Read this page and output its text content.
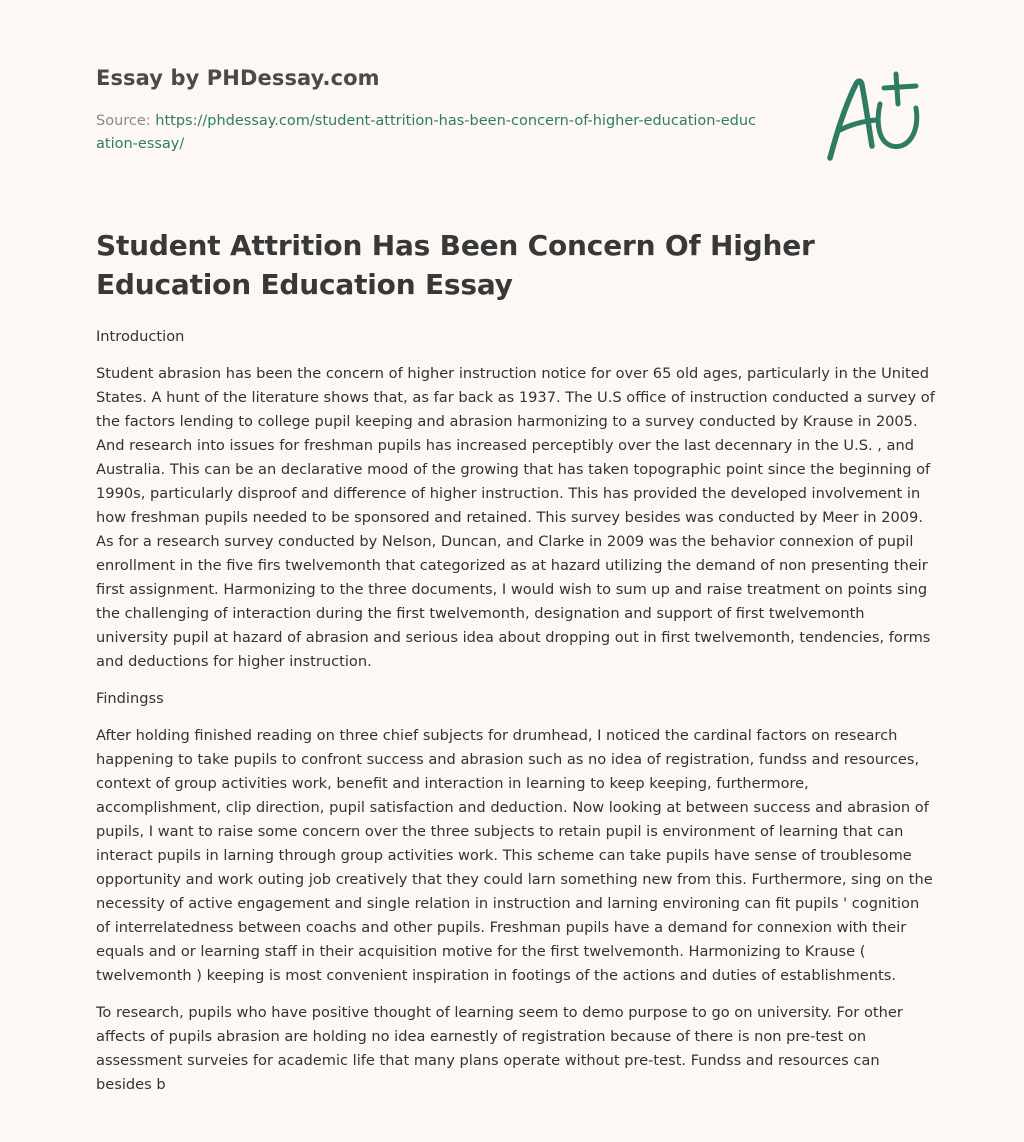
Essay by PHDessay.com
Source: https://phdessay.com/student-attrition-has-been-concern-of-higher-education-education-essay/
Student Attrition Has Been Concern Of Higher Education Education Essay

Introduction

Student abrasion has been the concern of higher instruction notice for over 65 old ages, particularly in the United States. A hunt of the literature shows that, as far back as 1937. The U.S office of instruction conducted a survey of the factors lending to college pupil keeping and abrasion harmonizing to a survey conducted by Krause in 2005. And research into issues for freshman pupils has increased perceptibly over the last decennary in the U.S. , and Australia. This can be an declarative mood of the growing that has taken topographic point since the beginning of 1990s, particularly disproof and difference of higher instruction. This has provided the developed involvement in how freshman pupils needed to be sponsored and retained. This survey besides was conducted by Meer in 2009. As for a research survey conducted by Nelson, Duncan, and Clarke in 2009 was the behavior connexion of pupil enrollment in the five firs twelvemonth that categorized as at hazard utilizing the demand of non presenting their first assignment. Harmonizing to the three documents, I would wish to sum up and raise treatment on points sing the challenging of interaction during the first twelvemonth, designation and support of first twelvemonth university pupil at hazard of abrasion and serious idea about dropping out in first twelvemonth, tendencies, forms and deductions for higher instruction.

Findingss

After holding finished reading on three chief subjects for drumhead, I noticed the cardinal factors on research happening to take pupils to confront success and abrasion such as no idea of registration, fundss and resources, context of group activities work, benefit and interaction in learning to keep keeping, furthermore, accomplishment, clip direction, pupil satisfaction and deduction. Now looking at between success and abrasion of pupils, I want to raise some concern over the three subjects to retain pupil is environment of learning that can interact pupils in larning through group activities work. This scheme can take pupils have sense of troublesome opportunity and work outing job creatively that they could larn something new from this. Furthermore, sing on the necessity of active engagement and single relation in instruction and larning environing can fit pupils ' cognition of interrelatedness between coachs and other pupils. Freshman pupils have a demand for connexion with their equals and or learning staff in their acquisition motive for the first twelvemonth. Harmonizing to Krause ( twelvemonth ) keeping is most convenient inspiration in footings of the actions and duties of establishments.

To research, pupils who have positive thought of learning seem to demo purpose to go on university. For other affects of pupils abrasion are holding no idea earnestly of registration because of there is non pre-test on assessment surveies for academic life that many plans operate without pre-test. Fundss and resources can besides b
